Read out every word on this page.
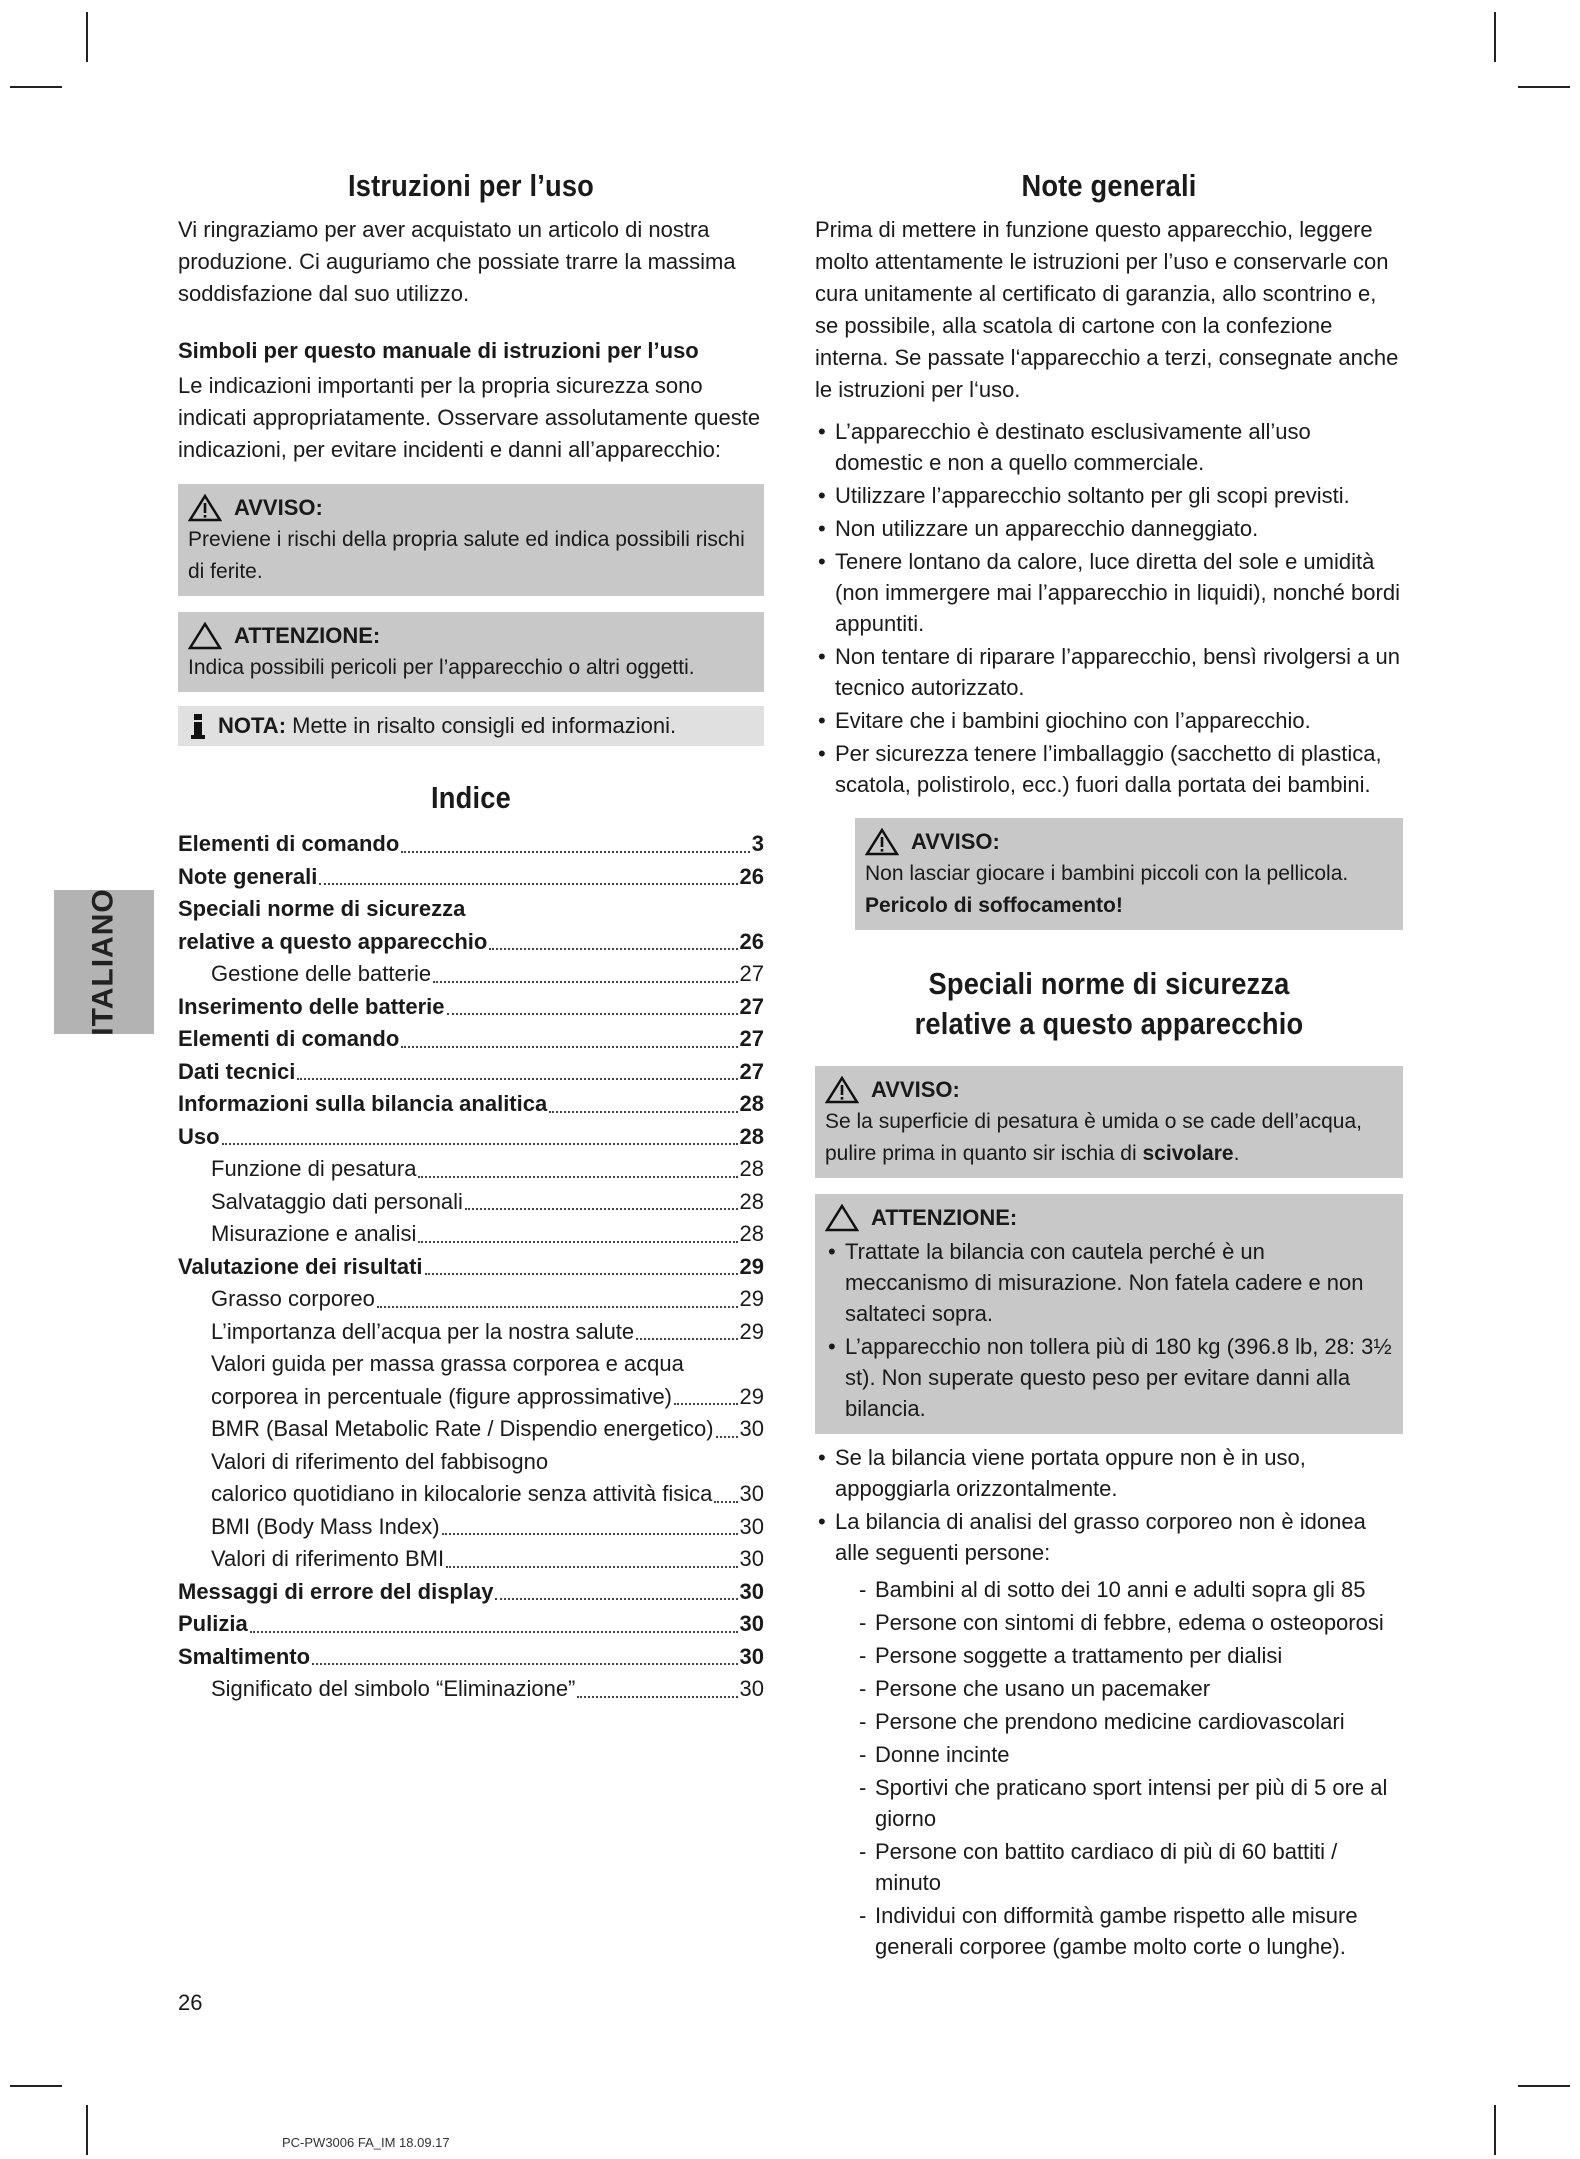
ITALIANO
Istruzioni per l’uso

Vi ringraziamo per aver acquistato un articolo di nostra produzione. Ci auguriamo che possiate trarre la massima soddisfazione dal suo utilizzo.

Simboli per questo manuale di istruzioni per l’uso

Le indicazioni importanti per la propria sicurezza sono indicati appropriatamente. Osservare assolutamente queste indicazioni, per evitare incidenti e danni all’apparecchio:

AVVISO:

Previene i rischi della propria salute ed indica possibili rischi di ferite.

ATTENZIONE:

Indica possibili pericoli per l’apparecchio o altri oggetti.

NOTA:
Mette in risalto consigli ed informazioni.
Indice
Elementi di comando	3
Note generali	26
Speciali norme di sicurezza
relative a questo apparecchio	26
Gestione delle batterie	27
Inserimento delle batterie	27
Elementi di comando	27
Dati tecnici	27
Informazioni sulla bilancia analitica	28
Uso	28
Funzione di pesatura	28
Salvataggio dati personali	28
Misurazione e analisi	28
Valutazione dei risultati	29
Grasso corporeo	29
L’importanza dell’acqua per la nostra salute	29
Valori guida per massa grassa corporea e acqua
corporea in percentuale (figure approssimative)	29
BMR (Basal Metabolic Rate / Dispendio energetico) 30
Valori di riferimento del fabbisogno
calorico quotidiano in kilocalorie senza attività fisica 30
BMI (Body Mass Index)	30
Valori di riferimento BMI	30
Messaggi di errore del display	30
Pulizia	30
Smaltimento	30
Significato del simbolo “Eliminazione”	30
Note generali

Prima di mettere in funzione questo apparecchio, leggere molto attentamente le istruzioni per l’uso e conservarle con cura unitamente al certificato di garanzia, allo scontrino e, se possibile, alla scatola di cartone con la confezione interna. Se passate l‘apparecchio a terzi, consegnate anche le istruzioni per l‘uso.

• L’apparecchio è destinato esclusivamente all’uso domestic e non a quello commerciale.
• Utilizzare l’apparecchio soltanto per gli scopi previsti.
• Non utilizzare un apparecchio danneggiato.
• Tenere lontano da calore, luce diretta del sole e umidità (non immergere mai l’apparecchio in liquidi), nonché bordi appuntiti.
• Non tentare di riparare l’apparecchio, bensì rivolgersi a un tecnico autorizzato.
• Evitare che i bambini giochino con l’apparecchio.
• Per sicurezza tenere l’imballaggio (sacchetto di plastica, scatola, polistirolo, ecc.) fuori dalla portata dei bambini.
AVVISO:

Non lasciar giocare i bambini piccoli con la pellicola.

Pericolo di soffocamento!

Speciali norme di sicurezza relative a questo apparecchio
AVVISO:

Se la superficie di pesatura è umida o se cade dell’acqua, pulire prima in quanto sir ischia di scivolare.

ATTENZIONE:
• Trattate la bilancia con cautela perché è un meccanismo di misurazione. Non fatela cadere e non saltateci sopra.
• L’apparecchio non tollera più di 180 kg (396.8 lb, 28: 3½ st). Non superate questo peso per evitare danni alla bilancia.
• Se la bilancia viene portata oppure non è in uso, appoggiarla orizzontalmente.
• La bilancia di analisi del grasso corporeo non è idonea alle seguenti persone:
- Bambini al di sotto dei 10 anni e adulti sopra gli 85
- Persone con sintomi di febbre, edema o osteoporosi
- Persone soggette a trattamento per dialisi
- Persone che usano un pacemaker
- Persone che prendono medicine cardiovascolari
- Donne incinte
- Sportivi che praticano sport intensi per più di 5 ore al giorno
- Persone con battito cardiaco di più di 60 battiti / minuto
- Individui con difformità gambe rispetto alle misure generali corporee (gambe molto corte o lunghe).
26
PC-PW3006 FA_IM 18.09.17
